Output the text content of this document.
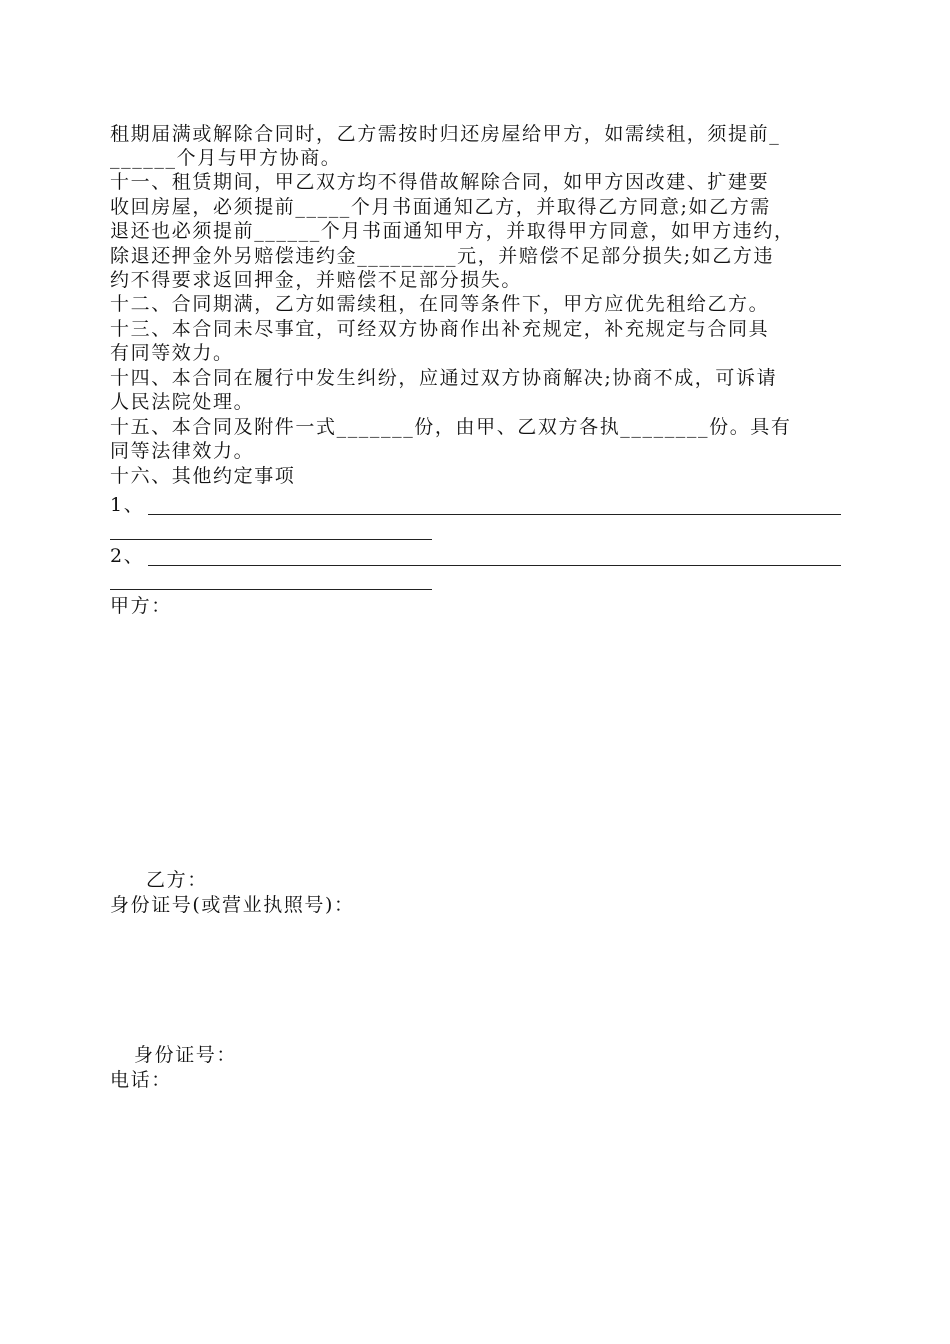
租期届满或解除合同时，乙方需按时归还房屋给甲方，如需续租，须提前_
______个月与甲方协商。
十一、租赁期间，甲乙双方均不得借故解除合同，如甲方因改建、扩建要
收回房屋，必须提前_____个月书面通知乙方，并取得乙方同意;如乙方需
退还也必须提前______个月书面通知甲方，并取得甲方同意，如甲方违约，
除退还押金外另赔偿违约金_________元，并赔偿不足部分损失;如乙方违
约不得要求返回押金，并赔偿不足部分损失。
十二、合同期满，乙方如需续租，在同等条件下，甲方应优先租给乙方。
十三、本合同未尽事宜，可经双方协商作出补充规定，补充规定与合同具
有同等效力。
十四、本合同在履行中发生纠纷，应通过双方协商解决;协商不成，可诉请
人民法院处理。
十五、本合同及附件一式_______份，由甲、乙双方各执________份。具有
同等法律效力。
十六、其他约定事项
1、
2、
甲方：
乙方：
身份证号(或营业执照号)：
身份证号：
电话：
